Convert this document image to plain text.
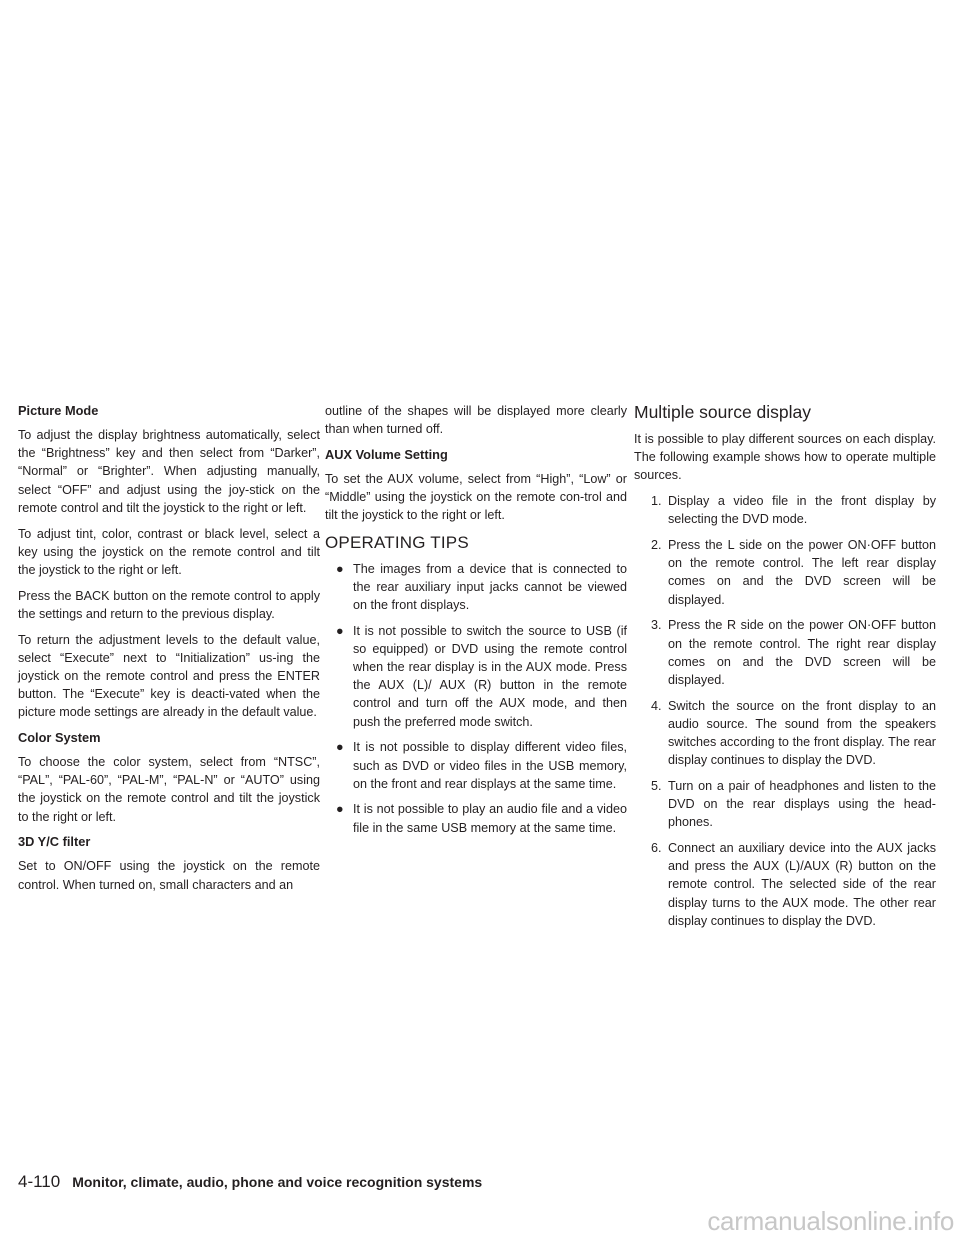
Picture Mode

To adjust the display brightness automatically, select the “Brightness” key and then select from “Darker”, “Normal” or “Brighter”. When adjusting manually, select “OFF” and adjust using the joy-stick on the remote control and tilt the joystick to the right or left.

To adjust tint, color, contrast or black level, select a key using the joystick on the remote control and tilt the joystick to the right or left.

Press the BACK button on the remote control to apply the settings and return to the previous display.

To return the adjustment levels to the default value, select “Execute” next to “Initialization” us-ing the joystick on the remote control and press the ENTER button. The “Execute” key is deacti-vated when the picture mode settings are already in the default value.

Color System

To choose the color system, select from “NTSC”, “PAL”, “PAL-60”, “PAL-M”, “PAL-N” or “AUTO” using the joystick on the remote control and tilt the joystick to the right or left.

3D Y/C filter

Set to ON/OFF using the joystick on the remote control. When turned on, small characters and an

outline of the shapes will be displayed more clearly than when turned off.

AUX Volume Setting

To set the AUX volume, select from “High”, “Low” or “Middle” using the joystick on the remote con-trol and tilt the joystick to the right or left.

OPERATING TIPS
● The images from a device that is connected to the rear auxiliary input jacks cannot be viewed on the front displays.
● It is not possible to switch the source to USB (if so equipped) or DVD using the remote control when the rear display is in the AUX mode. Press the AUX (L)/ AUX (R) button in the remote control and turn off the AUX mode, and then push the preferred mode switch.
● It is not possible to display different video files, such as DVD or video files in the USB memory, on the front and rear displays at the same time.
● It is not possible to play an audio file and a video file in the same USB memory at the same time.
Multiple source display

It is possible to play different sources on each display. The following example shows how to operate multiple sources.

1. Display a video file in the front display by selecting the DVD mode.
2. Press the L side on the power ON·OFF button on the remote control. The left rear display comes on and the DVD screen will be displayed.
3. Press the R side on the power ON·OFF button on the remote control. The right rear display comes on and the DVD screen will be displayed.
4. Switch the source on the front display to an audio source. The sound from the speakers switches according to the front display. The rear display continues to display the DVD.
5. Turn on a pair of headphones and listen to the DVD on the rear displays using the head-phones.
6. Connect an auxiliary device into the AUX jacks and press the AUX (L)/AUX (R) button on the remote control. The selected side of the rear display turns to the AUX mode. The other rear display continues to display the DVD.
4-110 Monitor, climate, audio, phone and voice recognition systems
carmanualsonline.info
